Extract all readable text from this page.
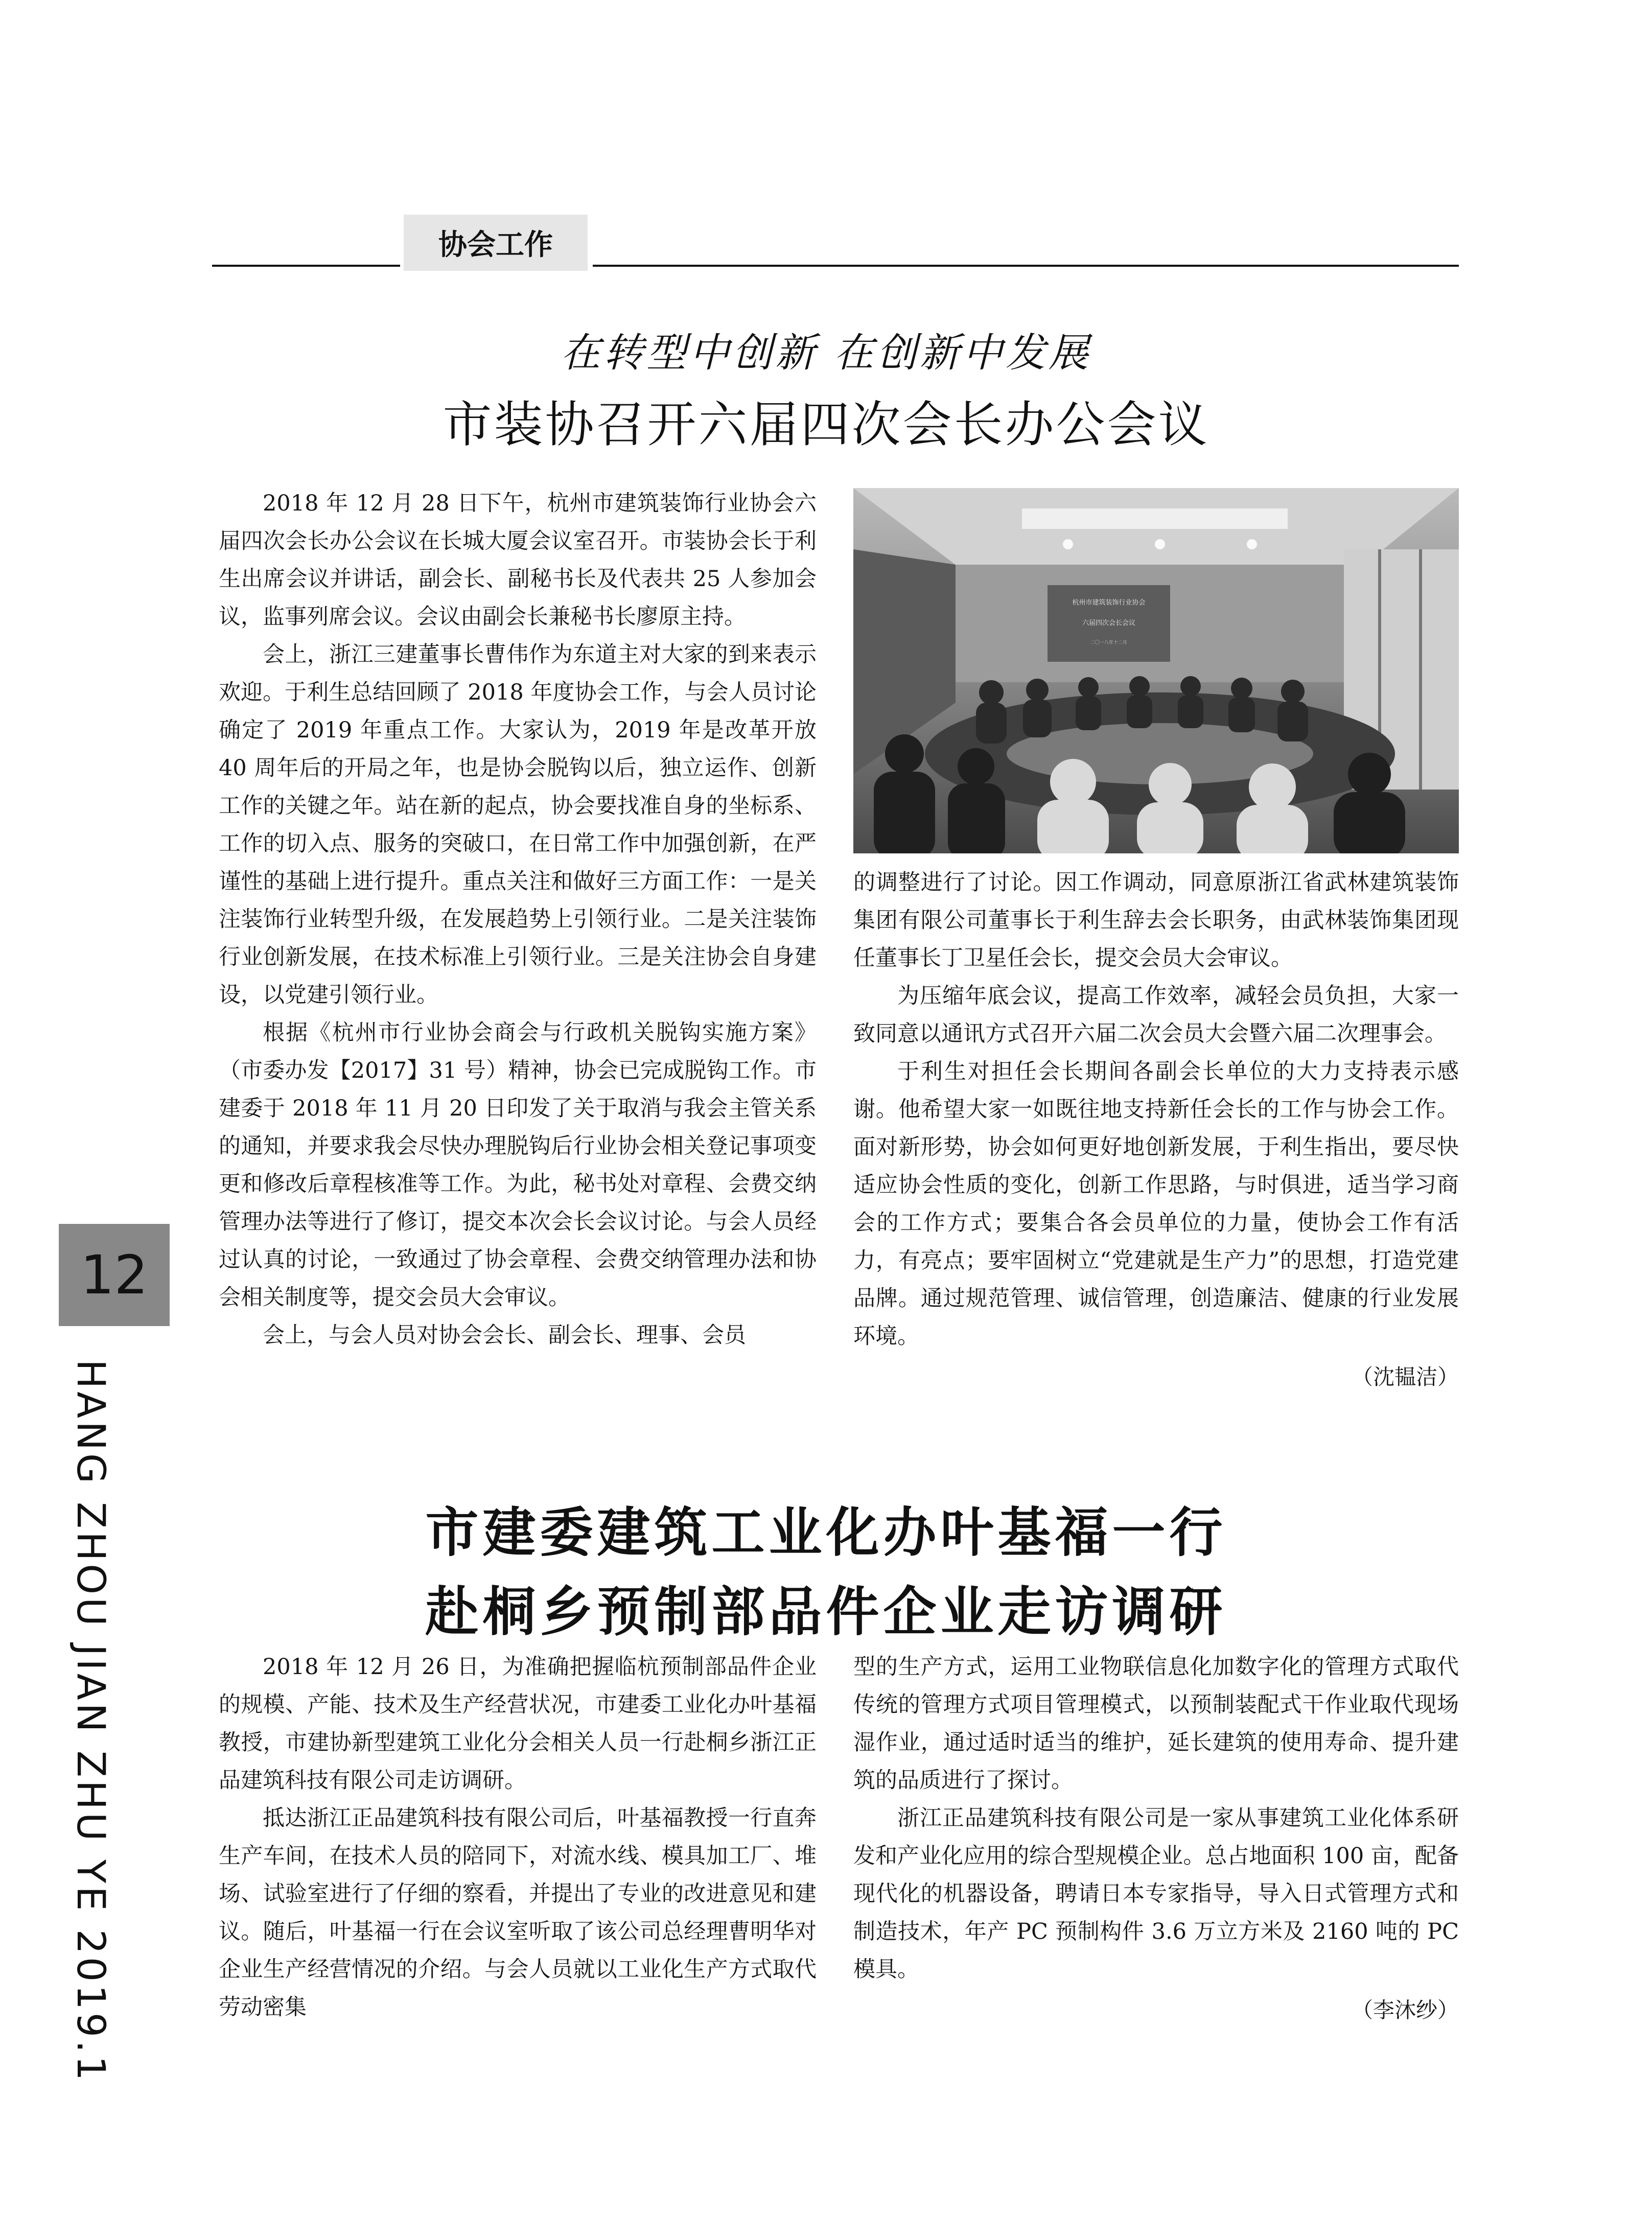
协会工作
在转型中创新 在创新中发展
市装协召开六届四次会长办公会议

2018 年 12 月 28 日下午，杭州市建筑装饰行业协会六届四次会长办公会议在长城大厦会议室召开。市装协会长于利生出席会议并讲话，副会长、副秘书长及代表共 25 人参加会议，监事列席会议。会议由副会长兼秘书长廖原主持。

会上，浙江三建董事长曹伟作为东道主对大家的到来表示欢迎。于利生总结回顾了 2018 年度协会工作，与会人员讨论确定了 2019 年重点工作。大家认为，2019 年是改革开放 40 周年后的开局之年，也是协会脱钩以后，独立运作、创新工作的关键之年。站在新的起点，协会要找准自身的坐标系、工作的切入点、服务的突破口，在日常工作中加强创新，在严谨性的基础上进行提升。重点关注和做好三方面工作：一是关注装饰行业转型升级，在发展趋势上引领行业。二是关注装饰行业创新发展，在技术标准上引领行业。三是关注协会自身建设，以党建引领行业。

根据《杭州市行业协会商会与行政机关脱钩实施方案》（市委办发【2017】31 号）精神，协会已完成脱钩工作。市建委于 2018 年 11 月 20 日印发了关于取消与我会主管关系的通知，并要求我会尽快办理脱钩后行业协会相关登记事项变更和修改后章程核准等工作。为此，秘书处对章程、会费交纳管理办法等进行了修订，提交本次会长会议讨论。与会人员经过认真的讨论，一致通过了协会章程、会费交纳管理办法和协会相关制度等，提交会员大会审议。

会上，与会人员对协会会长、副会长、理事、会员

杭州市建筑装饰行业协会
六届四次会长会议
二〇一八年十二月

的调整进行了讨论。因工作调动，同意原浙江省武林建筑装饰集团有限公司董事长于利生辞去会长职务，由武林装饰集团现任董事长丁卫星任会长，提交会员大会审议。

为压缩年底会议，提高工作效率，减轻会员负担，大家一致同意以通讯方式召开六届二次会员大会暨六届二次理事会。

于利生对担任会长期间各副会长单位的大力支持表示感谢。他希望大家一如既往地支持新任会长的工作与协会工作。面对新形势，协会如何更好地创新发展，于利生指出，要尽快适应协会性质的变化，创新工作思路，与时俱进，适当学习商会的工作方式；要集合各会员单位的力量，使协会工作有活力，有亮点；要牢固树立“党建就是生产力”的思想，打造党建品牌。通过规范管理、诚信管理，创造廉洁、健康的行业发展环境。

（沈韫洁）
市建委建筑工业化办叶基福一行
赴桐乡预制部品件企业走访调研

2018 年 12 月 26 日，为准确把握临杭预制部品件企业的规模、产能、技术及生产经营状况，市建委工业化办叶基福教授，市建协新型建筑工业化分会相关人员一行赴桐乡浙江正品建筑科技有限公司走访调研。

抵达浙江正品建筑科技有限公司后，叶基福教授一行直奔生产车间，在技术人员的陪同下，对流水线、模具加工厂、堆场、试验室进行了仔细的察看，并提出了专业的改进意见和建议。随后，叶基福一行在会议室听取了该公司总经理曹明华对企业生产经营情况的介绍。与会人员就以工业化生产方式取代劳动密集

型的生产方式，运用工业物联信息化加数字化的管理方式取代传统的管理方式项目管理模式，以预制装配式干作业取代现场湿作业，通过适时适当的维护，延长建筑的使用寿命、提升建筑的品质进行了探讨。

浙江正品建筑科技有限公司是一家从事建筑工业化体系研发和产业化应用的综合型规模企业。总占地面积 100 亩，配备现代化的机器设备，聘请日本专家指导，导入日式管理方式和制造技术，年产 PC 预制构件 3.6 万立方米及 2160 吨的 PC 模具。

（李沐纱）
12
HANG ZHOU JIAN ZHU YE 2019.1
